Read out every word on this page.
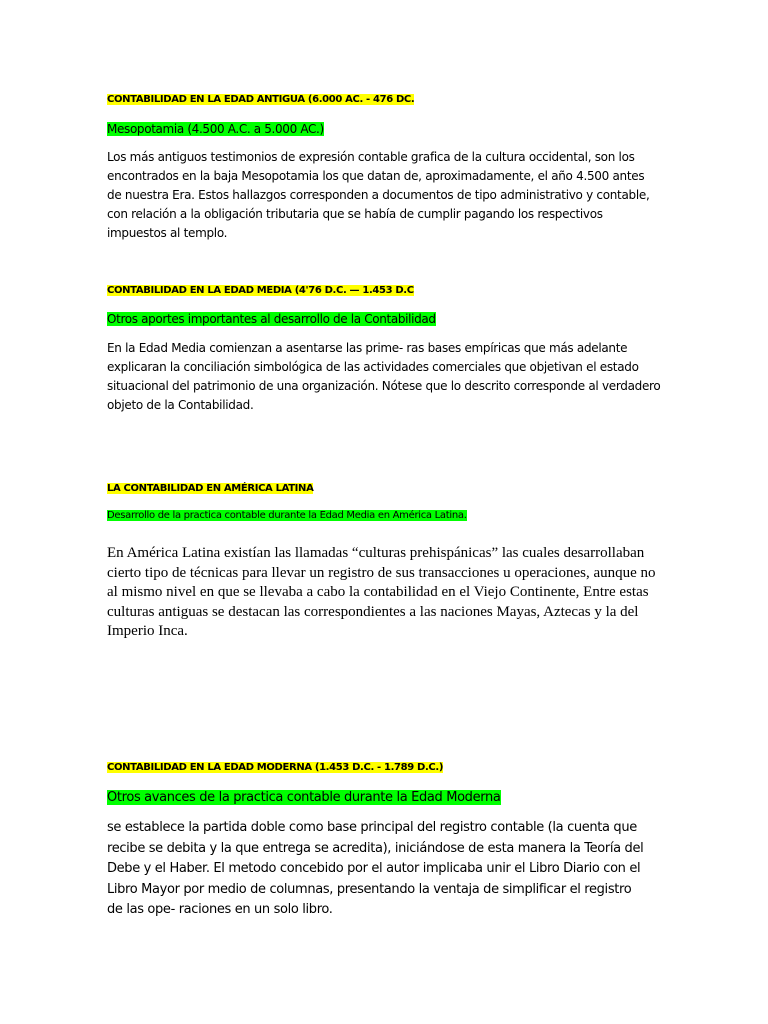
CONTABILIDAD EN LA EDAD ANTIGUA (6.000 AC. - 476 DC.
Mesopotamia (4.500 A.C. a 5.000 AC.)

Los más antiguos testimonios de expresión contable grafica de la cultura occidental, son los encontrados en la baja Mesopotamia los que datan de, aproximadamente, el año 4.500 antes de nuestra Era. Estos hallazgos corresponden a documentos de tipo administrativo y contable, con relación a la obligación tributaria que se había de cumplir pagando los respectivos impuestos al templo.

CONTABILIDAD EN LA EDAD MEDIA (4'76 D.C. — 1.453 D.C
Otros aportes importantes al desarrollo de la Contabilidad

En la Edad Media comienzan a asentarse las prime- ras bases empíricas que más adelante explicaran la conciliación simbológica de las actividades comerciales que objetivan el estado situacional del patrimonio de una organización. Nótese que lo descrito corresponde al verdadero objeto de la Contabilidad.

LA CONTABILIDAD EN AMÉRICA LATINA
Desarrollo de la practica contable durante la Edad Media en América Latina.

En América Latina existían las llamadas “culturas prehispánicas” las cuales desarrollaban cierto tipo de técnicas para llevar un registro de sus transacciones u operaciones, aunque no al mismo nivel en que se llevaba a cabo la contabilidad en el Viejo Continente, Entre estas culturas antiguas se destacan las correspondientes a las naciones Mayas, Aztecas y la del Imperio Inca.

CONTABILIDAD EN LA EDAD MODERNA (1.453 D.C. - 1.789 D.C.)
Otros avances de la practica contable durante la Edad Moderna

se establece la partida doble como base principal del registro contable (la cuenta que recibe se debita y la que entrega se acredita), iniciándose de esta manera la Teoría del Debe y el Haber. El metodo concebido por el autor implicaba unir el Libro Diario con el Libro Mayor por medio de columnas, presentando la ventaja de simplificar el registro de las ope- raciones en un solo libro.
